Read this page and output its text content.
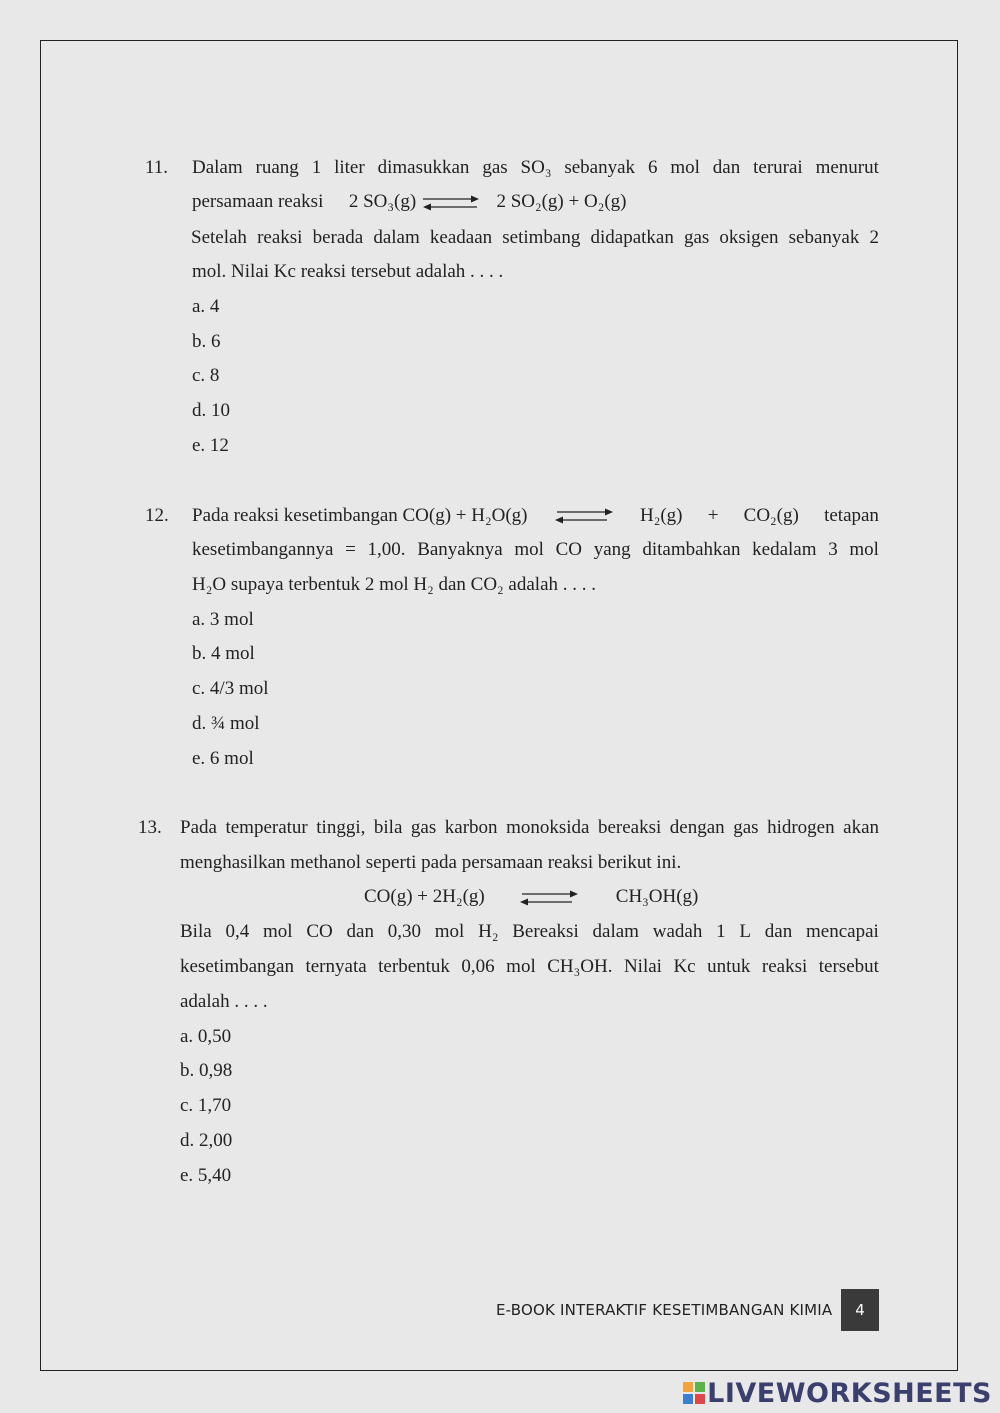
11. Dalam ruang 1 liter dimasukkan gas SO₃ sebanyak 6 mol dan terurai menurut
persamaan reaksi 2 SO₃(g) ⇌ 2 SO₂(g) + O₂(g)
Setelah reaksi berada dalam keadaan setimbang didapatkan gas oksigen sebanyak 2
mol. Nilai Kc reaksi tersebut adalah . . . .
a. 4
b. 6
c. 8
d. 10
e. 12
12. Pada reaksi kesetimbangan CO(g) + H₂O(g) ⇌ H₂(g) + CO₂(g) tetapan
kesetimbangannya = 1,00. Banyaknya mol CO yang ditambahkan kedalam 3 mol
H₂O supaya terbentuk 2 mol H₂ dan CO₂ adalah . . . .
a. 3 mol
b. 4 mol
c. 4/3 mol
d. ¾ mol
e. 6 mol
13. Pada temperatur tinggi, bila gas karbon monoksida bereaksi dengan gas hidrogen akan
menghasilkan methanol seperti pada persamaan reaksi berikut ini.
CO(g) + 2H₂(g)	CH₃OH(g)
Bila 0,4 mol CO dan 0,30 mol H₂ Bereaksi dalam wadah 1 L dan mencapai
kesetimbangan ternyata terbentuk 0,06 mol CH₃OH. Nilai Kc untuk reaksi tersebut
adalah . . . .
a. 0,50
b. 0,98
c. 1,70
d. 2,00
e. 5,40
E-BOOK INTERAKTIF KESETIMBANGAN KIMIA	4
LIVEWORKSHEETS
